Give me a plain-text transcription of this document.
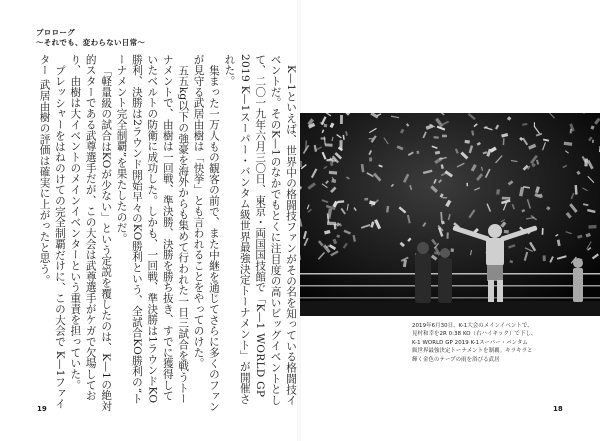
プロローグ
〜それでも、変わらない日常〜

K—1といえば、世界中の格闘技ファンがその名を知っている格闘技イベントだ。そのK—1のなかでもとくに注目度の高いビッグイベントとして、二〇一九年六月三〇日、東京・両国国技館で「K—1 WORLD GP 2019 K—1スーパー・バンタム級世界最強決定トーナメント」が開催された。

集まった一万人もの観客の前で、また中継を通じてさらに多くのファンが見守る武居由樹は「快挙」とも言われることをやってのけた。

五五kg以下の強豪を海外からも集めて行われた一日三試合を戦うトーナメントで、由樹は一回戦、準決勝、決勝を勝ち抜き、すでに獲得していたベルトの防衛に成功した。しかも、一回戦、準決勝は1ラウンドKO勝利、決勝は2ラウンド開始早々のKO勝利という、全試合KO勝利の“トーナメント完全制覇”を果たしたのだ。

「軽量級の試合はKOが少ない」という定説を覆したのは、K—1の絶対的スターである武尊選手だが、この大会は武尊選手がケガで欠場しており、由樹は大イベントのメインイベンターという重責を担っていた。

プレッシャーをはねのけての完全制覇だけに、この大会で K—1ファイター 武居由樹の評価は確実に上がったと思う。

2019年6月30日、K-1大会のメインイベントで、
見村和幸を2R 0:38 KO（右ハイキック）で下し、
K-1 WORLD GP 2019 K-1スーパー・バンタム
級世界最強決定トーナメントを制覇。キラキラと
輝く金色のテープの雨を浴びる武居
19	18
